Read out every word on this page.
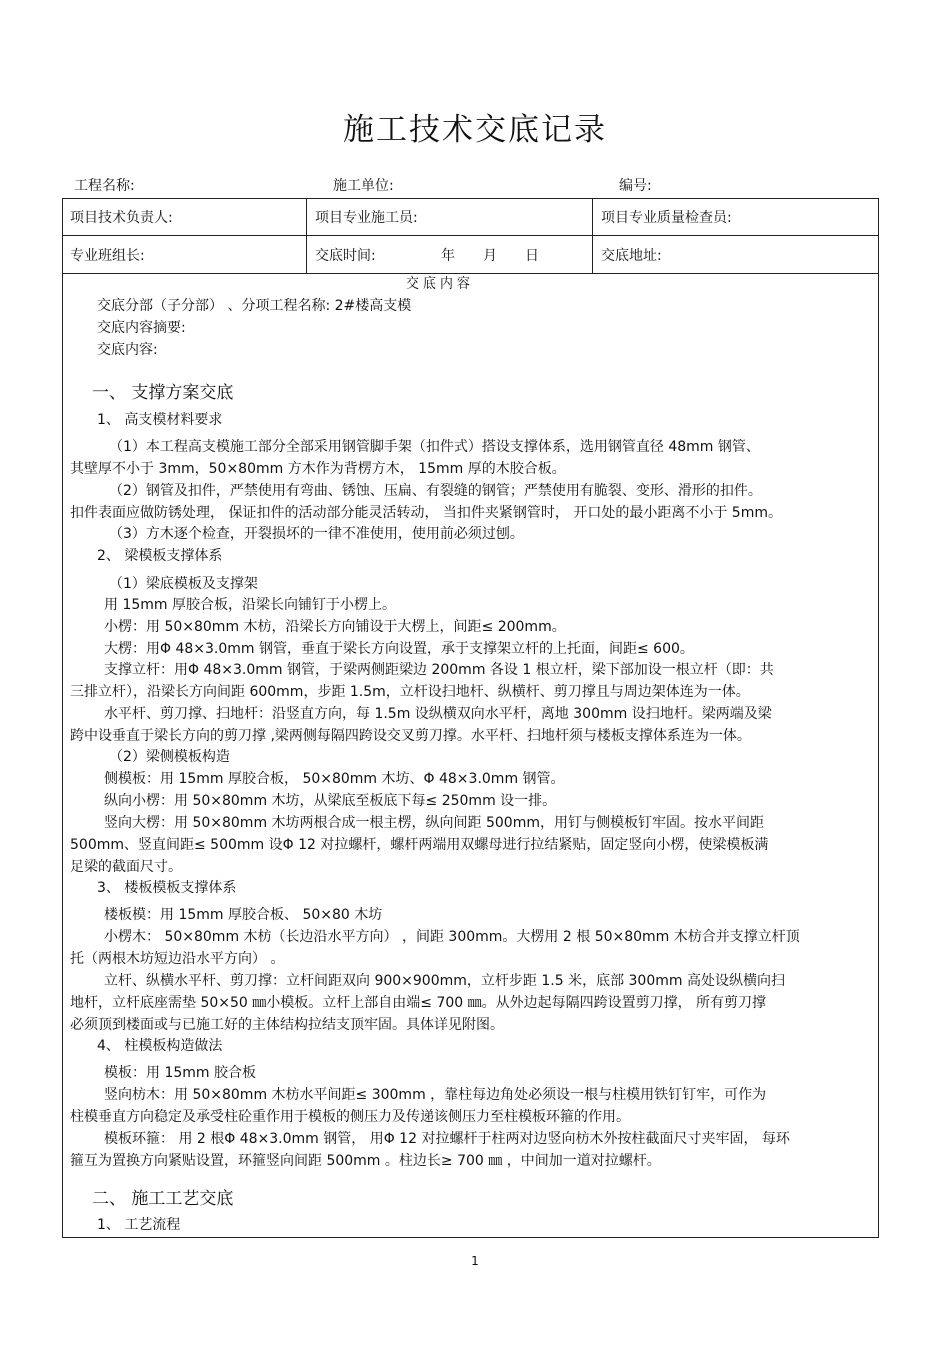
施工技术交底记录
工程名称:	施工单位:	编号:
项目技术负责人:	项目专业施工员:	项目专业质量检查员:
专业班组长:	交底时间:	年 月 日	交底地址:
交 底 内 容
交底分部（子分部） 、分项工程名称: 2#楼高支模
交底内容摘要:
交底内容:
一、 支撑方案交底
1、 高支模材料要求
（1）本工程高支模施工部分全部采用钢管脚手架（扣件式）搭设支撑体系，选用钢管直径 48mm 钢管、
其壁厚不小于 3mm，50×80mm 方木作为背楞方木， 15mm 厚的木胶合板。
（2）钢管及扣件，严禁使用有弯曲、锈蚀、压扁、有裂缝的钢管；严禁使用有脆裂、变形、滑形的扣件。
扣件表面应做防锈处理， 保证扣件的活动部分能灵活转动， 当扣件夹紧钢管时， 开口处的最小距离不小于 5mm。
（3）方木逐个检查，开裂损坏的一律不准使用，使用前必须过刨。
2、 梁模板支撑体系
（1）梁底模板及支撑架
用 15mm 厚胶合板，沿梁长向铺钉于小楞上。
小楞：用 50×80mm 木枋，沿梁长方向铺设于大楞上，间距≤ 200mm。
大楞：用Φ 48×3.0mm 钢管，垂直于梁长方向设置，承于支撑架立杆的上托面，间距≤ 600。
支撑立杆：用Φ 48×3.0mm 钢管，于梁两侧距梁边 200mm 各设 1 根立杆，梁下部加设一根立杆（即：共
三排立杆），沿梁长方向间距 600mm，步距 1.5m，立杆设扫地杆、纵横杆、剪刀撑且与周边架体连为一体。
水平杆、剪刀撑、扫地杆：沿竖直方向，每 1.5m 设纵横双向水平杆，离地 300mm 设扫地杆。梁两端及梁
跨中设垂直于梁长方向的剪刀撑 ,梁两侧每隔四跨设交叉剪刀撑。水平杆、扫地杆须与楼板支撑体系连为一体。
（2）梁侧模板构造
侧模板：用 15mm 厚胶合板， 50×80mm 木坊、Φ 48×3.0mm 钢管。
纵向小楞：用 50×80mm 木坊，从梁底至板底下每≤ 250mm 设一排。
竖向大楞：用 50×80mm 木坊两根合成一根主楞，纵向间距 500mm，用钉与侧模板钉牢固。按水平间距
500mm、竖直间距≤ 500mm 设Φ 12 对拉螺杆，螺杆两端用双螺母进行拉结紧贴，固定竖向小楞，使梁模板满
足梁的截面尺寸。
3、 楼板模板支撑体系
楼板模：用 15mm 厚胶合板、 50×80 木坊
小楞木： 50×80mm 木枋（长边沿水平方向） ，间距 300mm。大楞用 2 根 50×80mm 木枋合并支撑立杆顶
托（两根木坊短边沿水平方向） 。
立杆、纵横水平杆、剪刀撑：立杆间距双向 900×900mm，立杆步距 1.5 米，底部 300mm 高处设纵横向扫
地杆，立杆底座需垫 50×50 ㎜小模板。立杆上部自由端≤ 700 ㎜。从外边起每隔四跨设置剪刀撑， 所有剪刀撑
必须顶到楼面或与已施工好的主体结构拉结支顶牢固。具体详见附图。
4、 柱模板构造做法
模板：用 15mm 胶合板
竖向枋木：用 50×80mm 木枋水平间距≤ 300mm ，靠柱每边角处必须设一根与柱模用铁钉钉牢，可作为
柱模垂直方向稳定及承受柱砼重作用于模板的侧压力及传递该侧压力至柱模板环箍的作用。
模板环箍： 用 2 根Φ 48×3.0mm 钢管， 用Φ 12 对拉螺杆于柱两对边竖向枋木外按柱截面尺寸夹牢固， 每环
箍互为置换方向紧贴设置，环箍竖向间距 500mm 。柱边长≥ 700 ㎜ ，中间加一道对拉螺杆。
二、 施工工艺交底
1、 工艺流程
1
